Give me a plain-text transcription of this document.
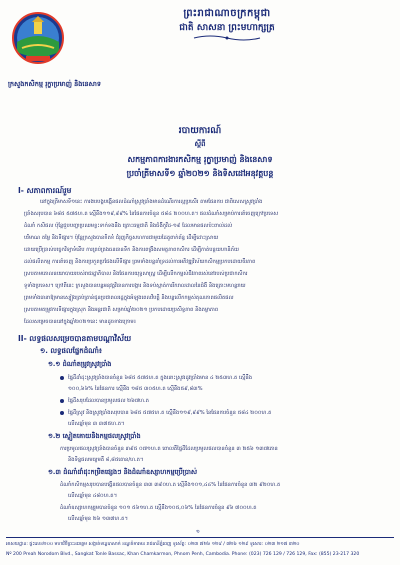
ព្រះរាជាណាចក្រកម្ពុជា
ជាតិ សាសនា ព្រះមហាក្សត្រ
ក្រសួងកសិកម្ម រុក្ខាប្រមាញ់ និងនេសាទ
របាយការណ៍
ស្តីពី
សកម្មភាពការងារកសិកម្ម រុក្ខាប្រមាញ់ និងនេសាទ
ប្រចាំត្រីមាសទី១ ឆ្នាំ២០២១ និងទិសដៅអនុវត្តបន្ត
I- សភាពការណ៍រួម
នៅក្នុងត្រីមាសទី១នេះ ការងារបង្កបង្កើនផលដំណាំស្រូវប្រាំងមានដំណើរការល្អប្រសើរ តាមផែនការ ជាពិសេសស្រូវប្រាំង
ប្រាំងសរុបបាន ៦៨៥ ៥៧៥ហ.ត ស្មើនឹង១១៩,៩៩% នៃផែនការចំនួន ៥៨៤ ២០០ហ.ត។ ផលដំណាំសម្រាប់ការនាំចេញក្រៅប្រទេស
ដំណាំ កសិផល ប៉ុន្តែជួបបញ្ហាប្រឈមខ្លះទាក់ទងនឹង គ្រោះធម្មជាតិ និងជំងឺកូវីដ-១៩ ដែលមានផលប៉ះពាល់ដល់
បរិមាណ តម្លៃ និងទីផ្សារ។ ប៉ុន្តែក្រសួងបានខិតខំ ជំរុញកិច្ចសហការជាមួយដៃគូពាក់ព័ន្ធ ដើម្បីដោះស្រាយ
ដោយប្រើប្រាស់បច្ចេកវិទ្យាទំនើប ការគ្រប់គ្រងធនធានទឹក និងការពង្រឹងសមត្ថភាពកសិករ ដើម្បីកាត់បន្ថយហានិភ័យ
ដល់ផលិតកម្ម ការនាំចេញ និងការប្រកួតប្រជែងលើទីផ្សារ ព្រមទាំងបន្តគាំទ្រដល់ការអភិវឌ្ឍវិស័យកសិកម្មប្រកបដោយចីរភាព
ស្របតាមគោលនយោបាយរបស់រាជរដ្ឋាភិបាល និងផែនការយុទ្ធសាស្ត្រ ដើម្បីលើកកម្ពស់ជីវភាពរស់នៅរបស់ប្រជាកសិករ
ទូទាំងប្រទេស។ ក្រៅពីនេះ ក្រសួងបានបន្តអនុវត្តវិធានការបង្ការ និងទប់ស្កាត់ការរីករាលដាលនៃជំងឺ និងគ្រោះមហន្តរាយ
ព្រមទាំងធានាឱ្យមានស្បៀងគ្រប់គ្រាន់ជូនប្រជាពលរដ្ឋក្នុងអំឡុងពេលវិបត្តិ និងបន្តលើកកម្ពស់គុណភាពផលិតផល
ស្របតាមតម្រូវការទីផ្សារក្នុងស្រុក និងអន្តរជាតិ សម្រាប់ឆ្នាំ២០២១ ប្រកបដោយប្រសិទ្ធភាព និងតម្លាភាព
ដែលសម្រេចបាននៅក្នុងឆ្នាំ២០២១នេះ មានដូចខាងក្រោម៖
II- លទ្ធផលសម្រេចបានតាមបណ្តាវិស័យ
១. លទ្ធផលផ្នែកដំណាំ៖
១.១ ដំណាំតម្រូវស្រូវប្រាំង
ផ្ទៃដីដាំដុះស្រូវប្រាំងបានចំនួន ៦៨៥ ៥៧៥ហ.ត ក្នុងនោះស្រូវរដូវប្រាំងមាន ៤ ២៥៣ហ.ត ស្មើនឹង
១០០,៦៦% នៃផែនការ ស្មើនឹង ១៨៥ ៣០៥ហ.ត ស្មើនឹង៥៩,៨៣%
ផ្ទៃដីសរុបដែលបានប្រមូលផល ២៦៧ហ.ត
ផ្ទៃដីស្រូវ និងស្រូវប្រាំងសរុបបាន ៦៨៥ ៥៧៥ហ.ត ស្មើនឹង១១៩,៩៩% នៃផែនការចំនួន ៥៨៤ ២០០ហ.ត
លើសឆ្នាំមុន ៣ ៣៧៥ហ.ត។
១.២ ស្ទៀតគោយនិងកម្មផលស្រូវប្រាំង
ការប្រមូលផលស្រូវប្រាំងបានចំនួន ៣៩៥ ០៧១ហ.ត ពោលគឺផ្ទៃដីដែលប្រមូលផលបានចំនួន ៣ ២៥៦ ១៣៧តោន
និងទិន្នផលមធ្យមគឺ ៨,៨៥តោន/ហ.ត។
១.៣ ដំណាំដាំដុះកម្រិតផ្សេងៗ និងដំណាំឧស្សាហកម្មប្រើប្រាស់
ដំណាំកសិកម្មសរុបបានបង្កើនផលបានចំនួន ៣៣ ៣៩០ហ.ត ស្មើនឹង១០១,៤៤% នៃផែនការចំនួន ៣២ ៩២០ហ.ត
លើសឆ្នាំមុន ៤៨០ហ.ត។
ដំណាំឧស្សាហកម្មរួមបានចំនួន ១០១ ៥៦១ហ.ត ស្មើនឹង១០៥,០៦% នៃផែនការចំនួន ៩៦ ៧០០ហ.ត
លើសឆ្នាំមុន ២៦ ១៣៧ហ.ត។
១
អាសយដ្ឋាន: ផ្ទះលេខ២០០ មហាវិថីព្រះនរោត្តម សង្កាត់ទន្លេបាសាក់ ខណ្ឌចំការមន រាជធានីភ្នំពេញ ទូរស័ព្ទ: ០២៣ ៧២៦ ១២៩ / ៧២៦ ១២៩ ទូរសារ: ០២៣ ២១៧ ៣២០
Nº 200 Preah Norodom Blvd., Sangkat Tonle Bassac, Khan Chamkarmon, Phnom Penh, Cambodia. Phone: (023) 726 129 / 726 129, Fax: (855) 23-217 320
